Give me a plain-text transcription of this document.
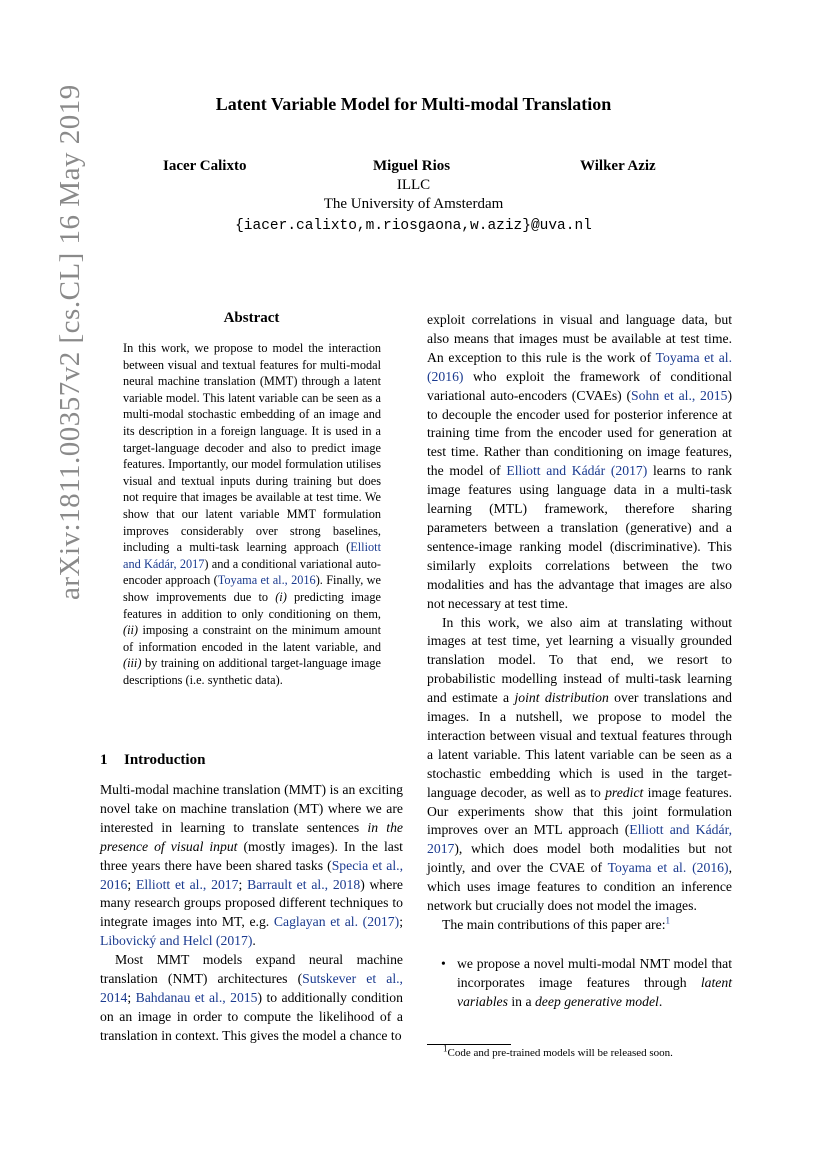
Latent Variable Model for Multi-modal Translation
Iacer Calixto	Miguel Rios	Wilker Aziz
ILLC
The University of Amsterdam
{iacer.calixto,m.riosgaona,w.aziz}@uva.nl
arXiv:1811.00357v2 [cs.CL] 16 May 2019	Abstract
In this work, we propose to model the interaction between visual and textual features for multi-modal neural machine translation (MMT) through a latent variable model. This latent variable can be seen as a multi-modal stochastic embedding of an image and its description in a foreign language. It is used in a target-language decoder and also to predict image features. Importantly, our model formulation utilises visual and textual inputs during training but does not require that images be available at test time. We show that our latent variable MMT formulation improves considerably over strong baselines, including a multi-task learning approach (Elliott and Kádár, 2017) and a conditional variational auto-encoder approach (Toyama et al., 2016). Finally, we show improvements due to (i) predicting image features in addition to only conditioning on them, (ii) imposing a constraint on the minimum amount of information encoded in the latent variable, and (iii) by training on additional target-language image descriptions (i.e. synthetic data).
1 Introduction

Multi-modal machine translation (MMT) is an exciting novel take on machine translation (MT) where we are interested in learning to translate sentences in the presence of visual input (mostly images). In the last three years there have been shared tasks (Specia et al., 2016; Elliott et al., 2017; Barrault et al., 2018) where many research groups proposed different techniques to integrate images into MT, e.g. Caglayan et al. (2017); Libovický and Helcl (2017).

Most MMT models expand neural machine translation (NMT) architectures (Sutskever et al., 2014; Bahdanau et al., 2015) to additionally condition on an image in order to compute the likelihood of a translation in context. This gives the model a chance to

exploit correlations in visual and language data, but also means that images must be available at test time. An exception to this rule is the work of Toyama et al. (2016) who exploit the framework of conditional variational auto-encoders (CVAEs) (Sohn et al., 2015) to decouple the encoder used for posterior inference at training time from the encoder used for generation at test time. Rather than conditioning on image features, the model of Elliott and Kádár (2017) learns to rank image features using language data in a multi-task learning (MTL) framework, therefore sharing parameters between a translation (generative) and a sentence-image ranking model (discriminative). This similarly exploits correlations between the two modalities and has the advantage that images are also not necessary at test time.

In this work, we also aim at translating without images at test time, yet learning a visually grounded translation model. To that end, we resort to probabilistic modelling instead of multi-task learning and estimate a joint distribution over translations and images. In a nutshell, we propose to model the interaction between visual and textual features through a latent variable. This latent variable can be seen as a stochastic embedding which is used in the target-language decoder, as well as to predict image features. Our experiments show that this joint formulation improves over an MTL approach (Elliott and Kádár, 2017), which does model both modalities but not jointly, and over the CVAE of Toyama et al. (2016), which uses image features to condition an inference network but crucially does not model the images.

The main contributions of this paper are:$^1$

• we propose a novel multi-modal NMT model that incorporates image features through latent variables in a deep generative model.

$^1$Code and pre-trained models will be released soon.
